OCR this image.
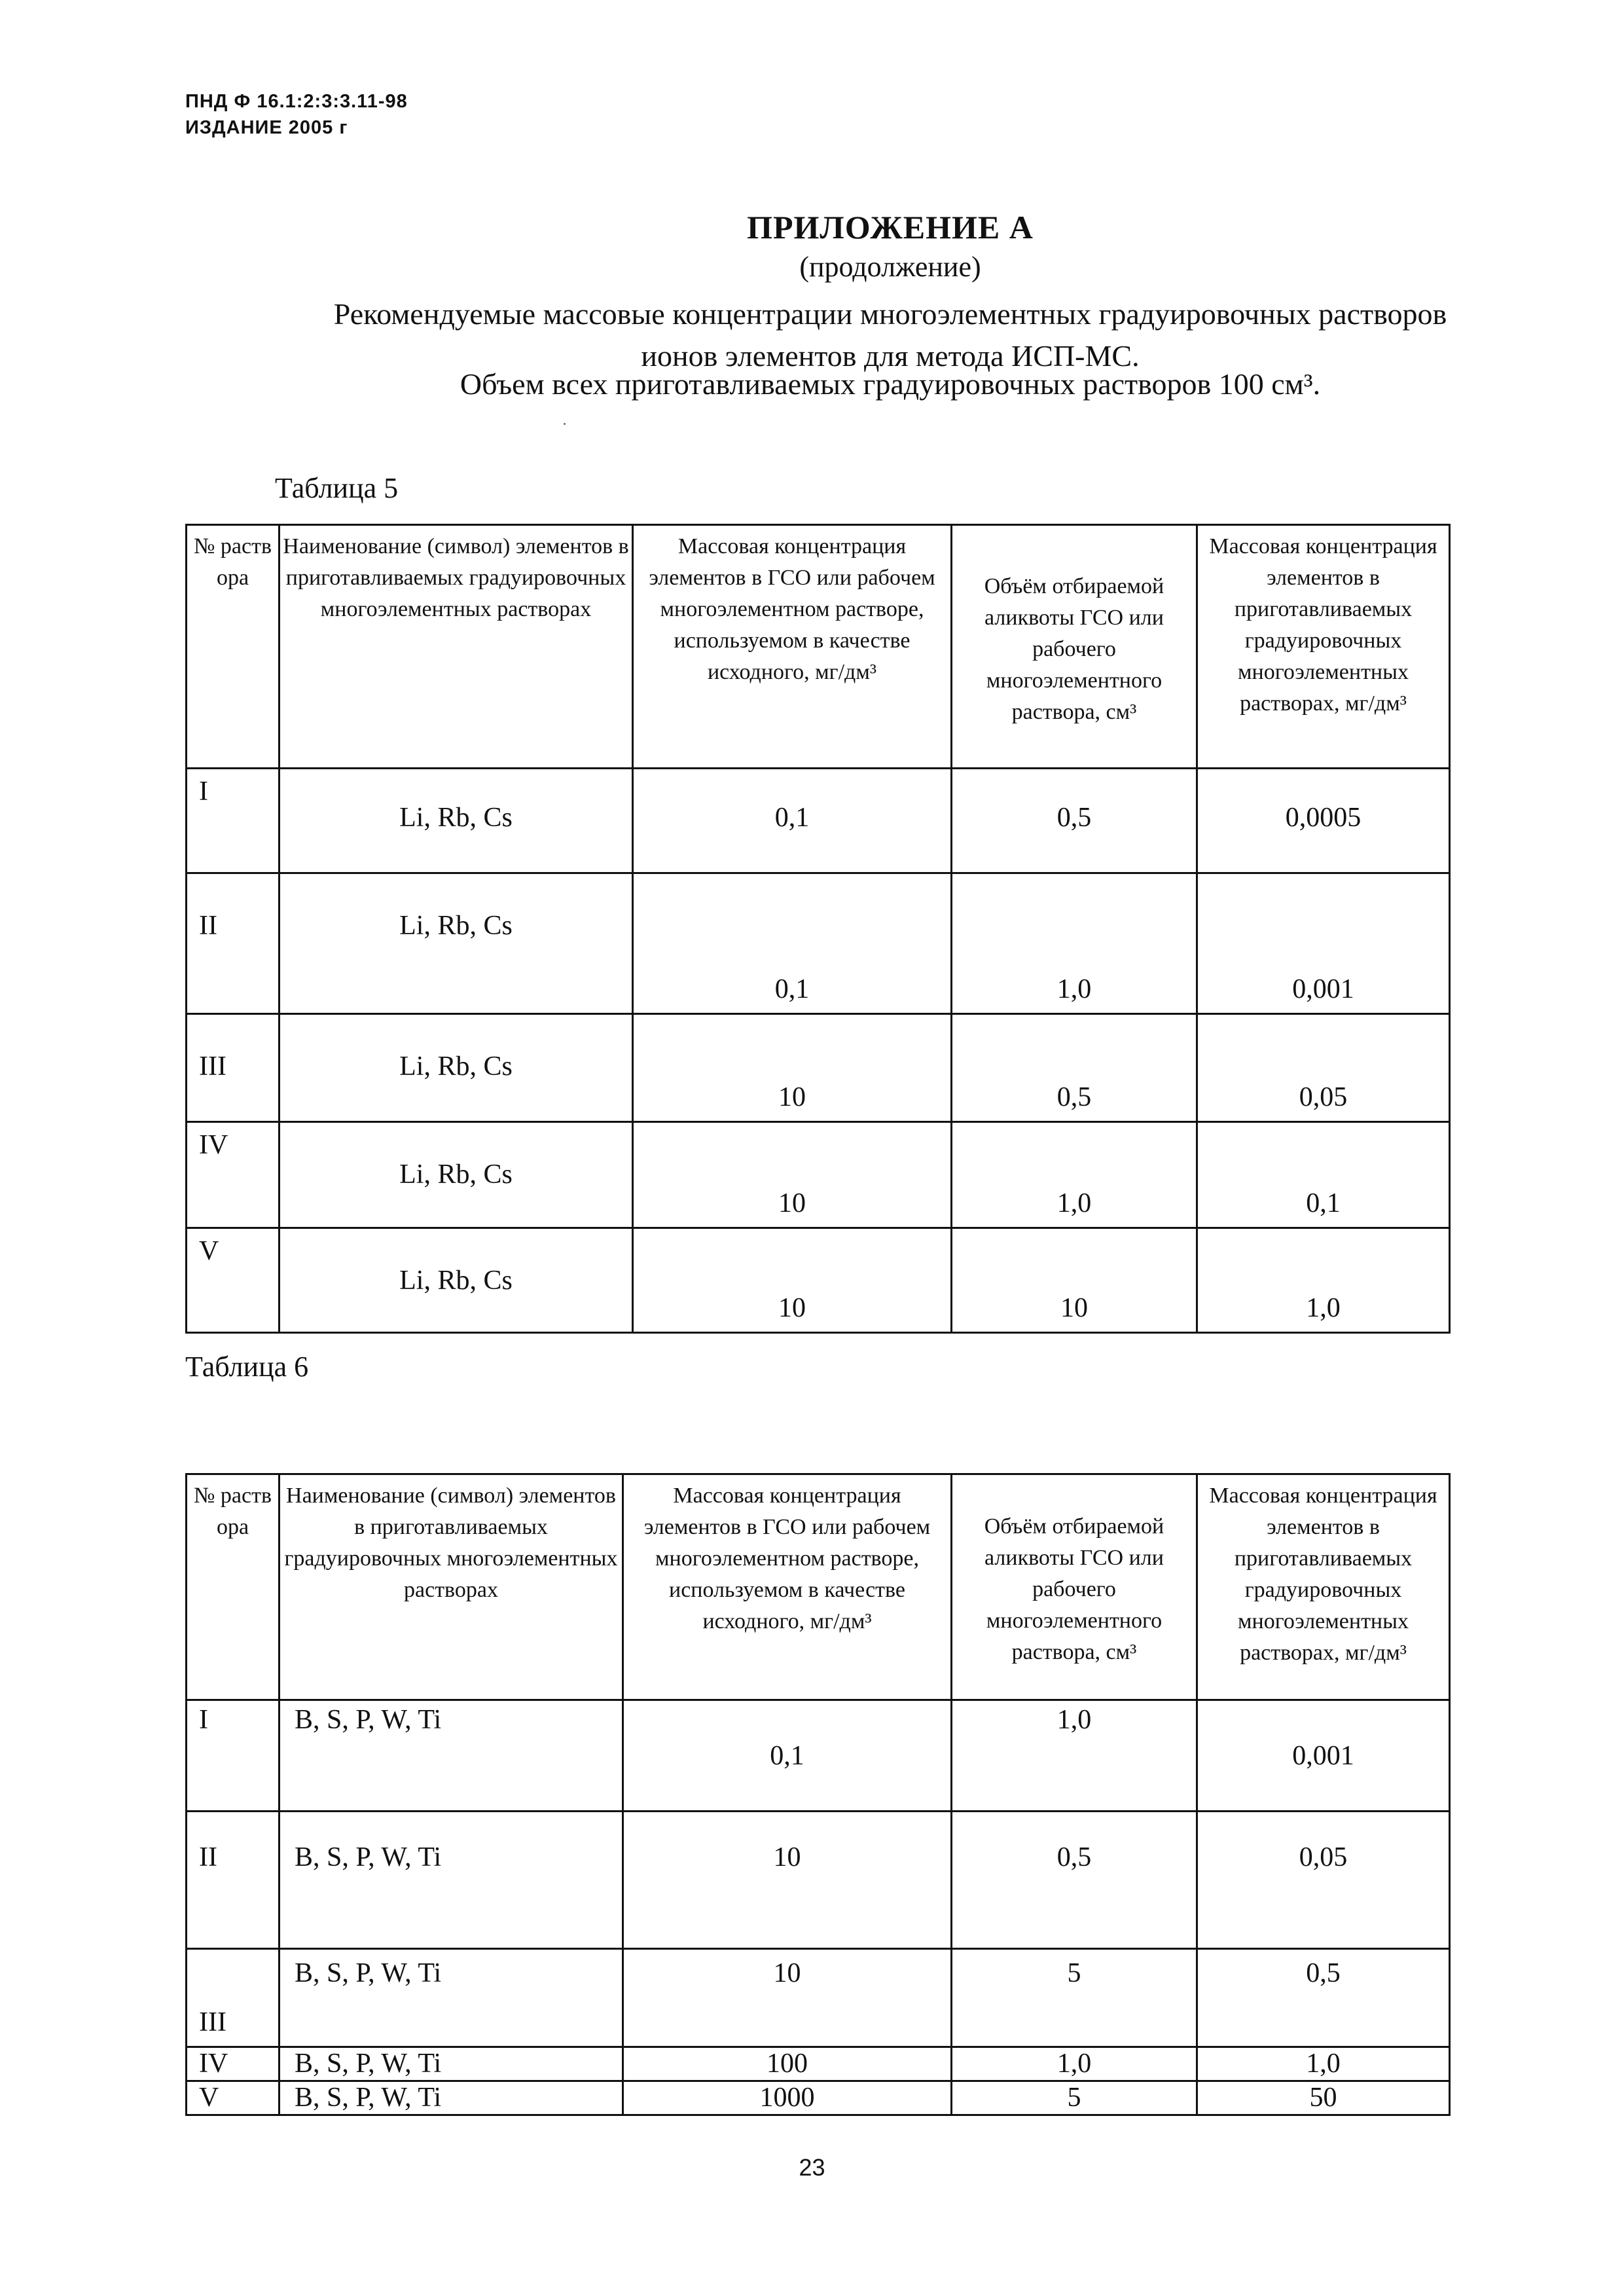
ПНД Ф 16.1:2:3:3.11-98
ИЗДАНИЕ 2005 г
ПРИЛОЖЕНИЕ А
(продолжение)
Рекомендуемые массовые концентрации многоэлементных градуировочных растворов
ионов элементов для метода ИСП-МС.
Объем всех приготавливаемых градуировочных растворов 100 см³.
Таблица 5
№ раств ора	Наименование (символ) элементов в приготавливаемых градуировочных многоэлементных растворах	Массовая концентрация элементов в ГСО или рабочем многоэлементном растворе, используемом в качестве исходного, мг/дм³	Объём отбираемой аликвоты ГСО или рабочего многоэлементного раствора, см³	Массовая концентрация элементов в приготавливаемых градуировочных многоэлементных растворах, мг/дм³
I	Li, Rb, Cs	0,1	0,5	0,0005
II	Li, Rb, Cs	0,1	1,0	0,001
III	Li, Rb, Cs	10	0,5	0,05
IV	Li, Rb, Cs	10	1,0	0,1
V	Li, Rb, Cs	10	10	1,0
Таблица 6
№ раств ора	Наименование (символ) элементов в приготавливаемых градуировочных многоэлементных растворах	Массовая концентрация элементов в ГСО или рабочем многоэлементном растворе, используемом в качестве исходного, мг/дм³	Объём отбираемой аликвоты ГСО или рабочего многоэлементного раствора, см³	Массовая концентрация элементов в приготавливаемых градуировочных многоэлементных растворах, мг/дм³
I	B, S, P, W, Ti	0,1	1,0	0,001
II	B, S, P, W, Ti	10	0,5	0,05
III	B, S, P, W, Ti	10	5	0,5
IV	B, S, P, W, Ti	100	1,0	1,0
V	B, S, P, W, Ti	1000	5	50
23
